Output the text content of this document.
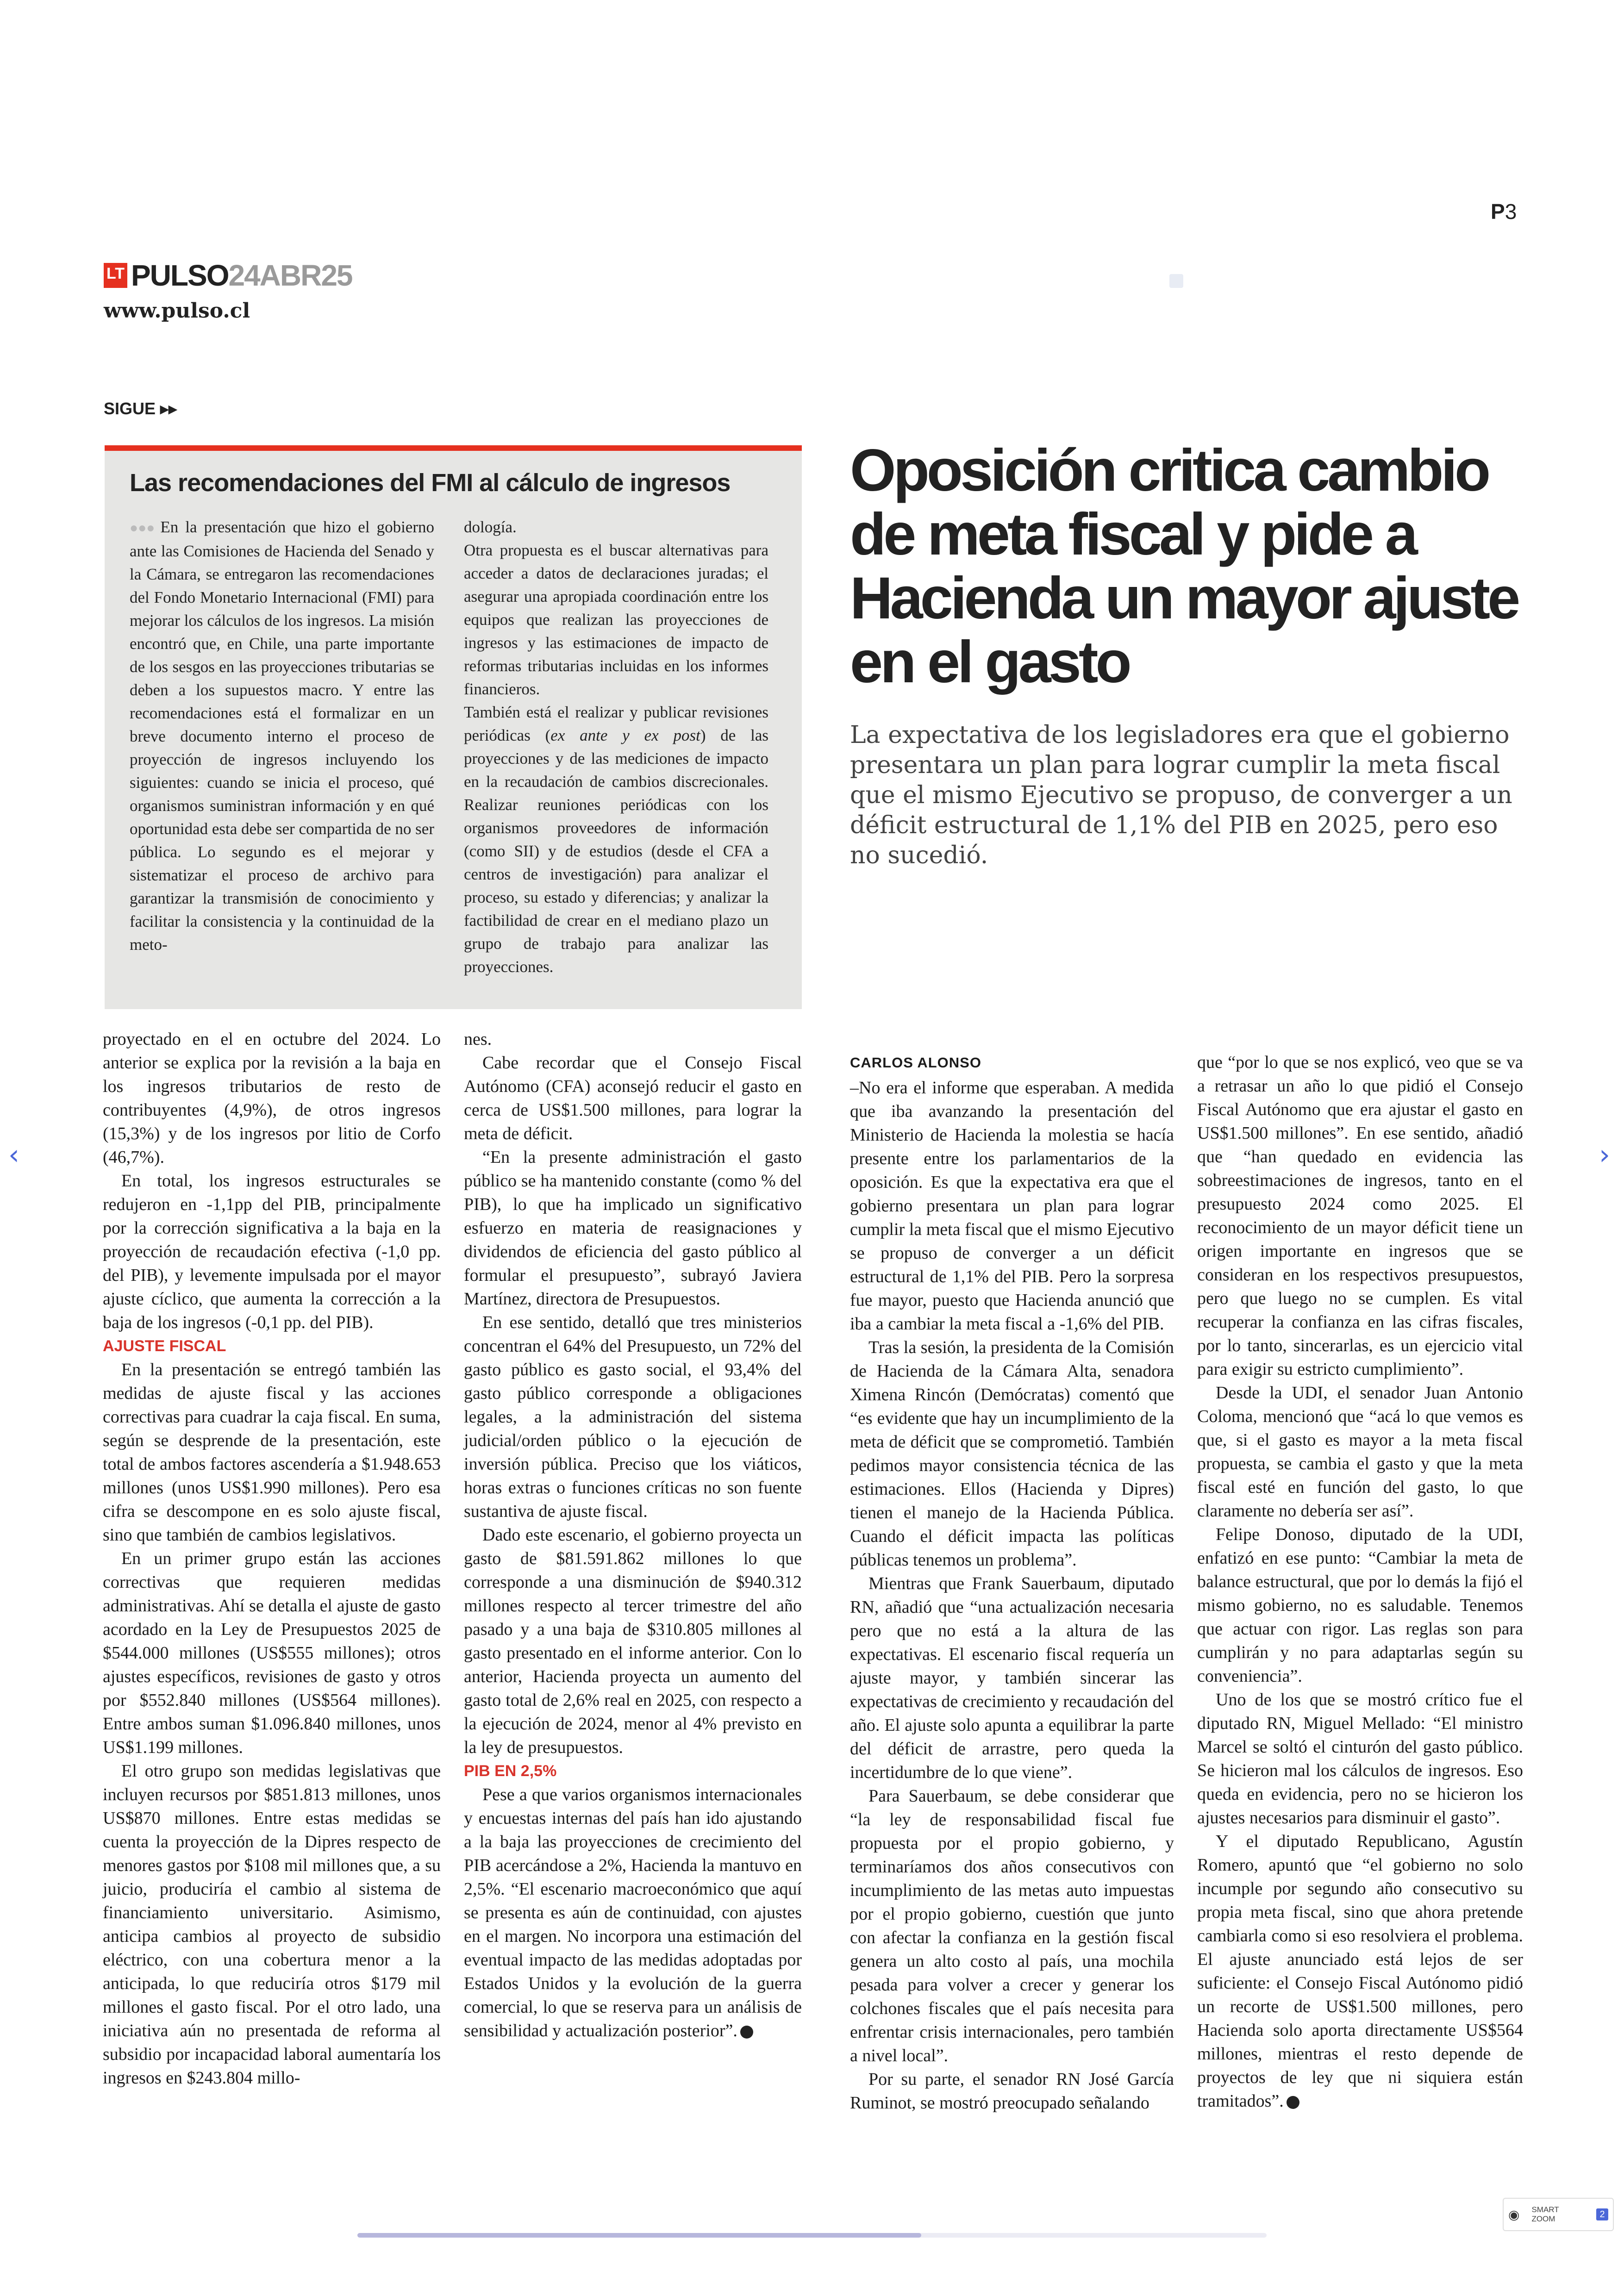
P3
LT PULSO 24ABR25
www.pulso.cl
SIGUE ▸▸
Las recomendaciones del FMI al cálculo de ingresos
●●● En la presentación que hizo el gobierno ante las Comisiones de Hacienda del Senado y la Cámara, se entregaron las recomendaciones del Fondo Monetario Internacional (FMI) para mejorar los cálculos de los ingresos. La misión encontró que, en Chile, una parte importante de los sesgos en las proyecciones tributarias se deben a los supuestos macro. Y entre las recomendaciones está el formalizar en un breve documento interno el proceso de proyección de ingresos incluyendo los siguientes: cuando se inicia el proceso, qué organismos suministran información y en qué oportunidad esta debe ser compartida de no ser pública. Lo segundo es el mejorar y sistematizar el proceso de archivo para garantizar la transmisión de conocimiento y facilitar la consistencia y la continuidad de la meto-
dología.
Otra propuesta es el buscar alternativas para acceder a datos de declaraciones juradas; el asegurar una apropiada coordinación entre los equipos que realizan las proyecciones de ingresos y las estimaciones de impacto de reformas tributarias incluidas en los informes financieros.
También está el realizar y publicar revisiones periódicas (ex ante y ex post) de las proyecciones y de las mediciones de impacto en la recaudación de cambios discrecionales. Realizar reuniones periódicas con los organismos proveedores de información (como SII) y de estudios (desde el CFA a centros de investigación) para analizar el proceso, su estado y diferencias; y analizar la factibilidad de crear en el mediano plazo un grupo de trabajo para analizar las proyecciones.
Oposición critica cambio de meta fiscal y pide a Hacienda un mayor ajuste en el gasto
La expectativa de los legisladores era que el gobierno presentara un plan para lograr cumplir la meta fiscal que el mismo Ejecutivo se propuso, de converger a un déficit estructural de 1,1% del PIB en 2025, pero eso no sucedió.

proyectado en el en octubre del 2024. Lo anterior se explica por la revisión a la baja en los ingresos tributarios de resto de contribuyentes (4,9%), de otros ingresos (15,3%) y de los ingresos por litio de Corfo (46,7%).

En total, los ingresos estructurales se redujeron en -1,1pp del PIB, principalmente por la corrección significativa a la baja en la proyección de recaudación efectiva (-1,0 pp. del PIB), y levemente impulsada por el mayor ajuste cíclico, que aumenta la corrección a la baja de los ingresos (-0,1 pp. del PIB).

AJUSTE FISCAL

En la presentación se entregó también las medidas de ajuste fiscal y las acciones correctivas para cuadrar la caja fiscal. En suma, según se desprende de la presentación, este total de ambos factores ascendería a $1.948.653 millones (unos US$1.990 millones). Pero esa cifra se descompone en es solo ajuste fiscal, sino que también de cambios legislativos.

En un primer grupo están las acciones correctivas que requieren medidas administrativas. Ahí se detalla el ajuste de gasto acordado en la Ley de Presupuestos 2025 de $544.000 millones (US$555 millones); otros ajustes específicos, revisiones de gasto y otros por $552.840 millones (US$564 millones). Entre ambos suman $1.096.840 millones, unos US$1.199 millones.

El otro grupo son medidas legislativas que incluyen recursos por $851.813 millones, unos US$870 millones. Entre estas medidas se cuenta la proyección de la Dipres respecto de menores gastos por $108 mil millones que, a su juicio, produciría el cambio al sistema de financiamiento universitario. Asimismo, anticipa cambios al proyecto de subsidio eléctrico, con una cobertura menor a la anticipada, lo que reduciría otros $179 mil millones el gasto fiscal. Por el otro lado, una iniciativa aún no presentada de reforma al subsidio por incapacidad laboral aumentaría los ingresos en $243.804 millo-

nes.

Cabe recordar que el Consejo Fiscal Autónomo (CFA) aconsejó reducir el gasto en cerca de US$1.500 millones, para lograr la meta de déficit.

“En la presente administración el gasto público se ha mantenido constante (como % del PIB), lo que ha implicado un significativo esfuerzo en materia de reasignaciones y dividendos de eficiencia del gasto público al formular el presupuesto”, subrayó Javiera Martínez, directora de Presupuestos.

En ese sentido, detalló que tres ministerios concentran el 64% del Presupuesto, un 72% del gasto público es gasto social, el 93,4% del gasto público corresponde a obligaciones legales, a la administración del sistema judicial/orden público o la ejecución de inversión pública. Preciso que los viáticos, horas extras o funciones críticas no son fuente sustantiva de ajuste fiscal.

Dado este escenario, el gobierno proyecta un gasto de $81.591.862 millones lo que corresponde a una disminución de $940.312 millones respecto al tercer trimestre del año pasado y a una baja de $310.805 millones al gasto presentado en el informe anterior. Con lo anterior, Hacienda proyecta un aumento del gasto total de 2,6% real en 2025, con respecto a la ejecución de 2024, menor al 4% previsto en la ley de presupuestos.

PIB EN 2,5%

Pese a que varios organismos internacionales y encuestas internas del país han ido ajustando a la baja las proyecciones de crecimiento del PIB acercándose a 2%, Hacienda la mantuvo en 2,5%. “El escenario macroeconómico que aquí se presenta es aún de continuidad, con ajustes en el margen. No incorpora una estimación del eventual impacto de las medidas adoptadas por Estados Unidos y la evolución de la guerra comercial, lo que se reserva para un análisis de sensibilidad y actualización posterior”.

CARLOS ALONSO

–No era el informe que esperaban. A medida que iba avanzando la presentación del Ministerio de Hacienda la molestia se hacía presente entre los parlamentarios de la oposición. Es que la expectativa era que el gobierno presentara un plan para lograr cumplir la meta fiscal que el mismo Ejecutivo se propuso de converger a un déficit estructural de 1,1% del PIB. Pero la sorpresa fue mayor, puesto que Hacienda anunció que iba a cambiar la meta fiscal a -1,6% del PIB.

Tras la sesión, la presidenta de la Comisión de Hacienda de la Cámara Alta, senadora Ximena Rincón (Demócratas) comentó que “es evidente que hay un incumplimiento de la meta de déficit que se comprometió. También pedimos mayor consistencia técnica de las estimaciones. Ellos (Hacienda y Dipres) tienen el manejo de la Hacienda Pública. Cuando el déficit impacta las políticas públicas tenemos un problema”.

Mientras que Frank Sauerbaum, diputado RN, añadió que “una actualización necesaria pero que no está a la altura de las expectativas. El escenario fiscal requería un ajuste mayor, y también sincerar las expectativas de crecimiento y recaudación del año. El ajuste solo apunta a equilibrar la parte del déficit de arrastre, pero queda la incertidumbre de lo que viene”.

Para Sauerbaum, se debe considerar que “la ley de responsabilidad fiscal fue propuesta por el propio gobierno, y terminaríamos dos años consecutivos con incumplimiento de las metas auto impuestas por el propio gobierno, cuestión que junto con afectar la confianza en la gestión fiscal genera un alto costo al país, una mochila pesada para volver a crecer y generar los colchones fiscales que el país necesita para enfrentar crisis internacionales, pero también a nivel local”.

Por su parte, el senador RN José García Ruminot, se mostró preocupado señalando

que “por lo que se nos explicó, veo que se va a retrasar un año lo que pidió el Consejo Fiscal Autónomo que era ajustar el gasto en US$1.500 millones”. En ese sentido, añadió que “han quedado en evidencia las sobreestimaciones de ingresos, tanto en el presupuesto 2024 como 2025. El reconocimiento de un mayor déficit tiene un origen importante en ingresos que se consideran en los respectivos presupuestos, pero que luego no se cumplen. Es vital recuperar la confianza en las cifras fiscales, por lo tanto, sincerarlas, es un ejercicio vital para exigir su estricto cumplimiento”.

Desde la UDI, el senador Juan Antonio Coloma, mencionó que “acá lo que vemos es que, si el gasto es mayor a la meta fiscal propuesta, se cambia el gasto y que la meta fiscal esté en función del gasto, lo que claramente no debería ser así”.

Felipe Donoso, diputado de la UDI, enfatizó en ese punto: “Cambiar la meta de balance estructural, que por lo demás la fijó el mismo gobierno, no es saludable. Tenemos que actuar con rigor. Las reglas son para cumplirán y no para adaptarlas según su conveniencia”.

Uno de los que se mostró crítico fue el diputado RN, Miguel Mellado: “El ministro Marcel se soltó el cinturón del gasto público. Se hicieron mal los cálculos de ingresos. Eso queda en evidencia, pero no se hicieron los ajustes necesarios para disminuir el gasto”.

Y el diputado Republicano, Agustín Romero, apuntó que “el gobierno no solo incumple por segundo año consecutivo su propia meta fiscal, sino que ahora pretende cambiarla como si eso resolviera el problema. El ajuste anunciado está lejos de ser suficiente: el Consejo Fiscal Autónomo pidió un recorte de US$1.500 millones, pero Hacienda solo aporta directamente US$564 millones, mientras el resto depende de proyectos de ley que ni siquiera están tramitados”.

‹	›
◉ SMART
ZOOM	2
